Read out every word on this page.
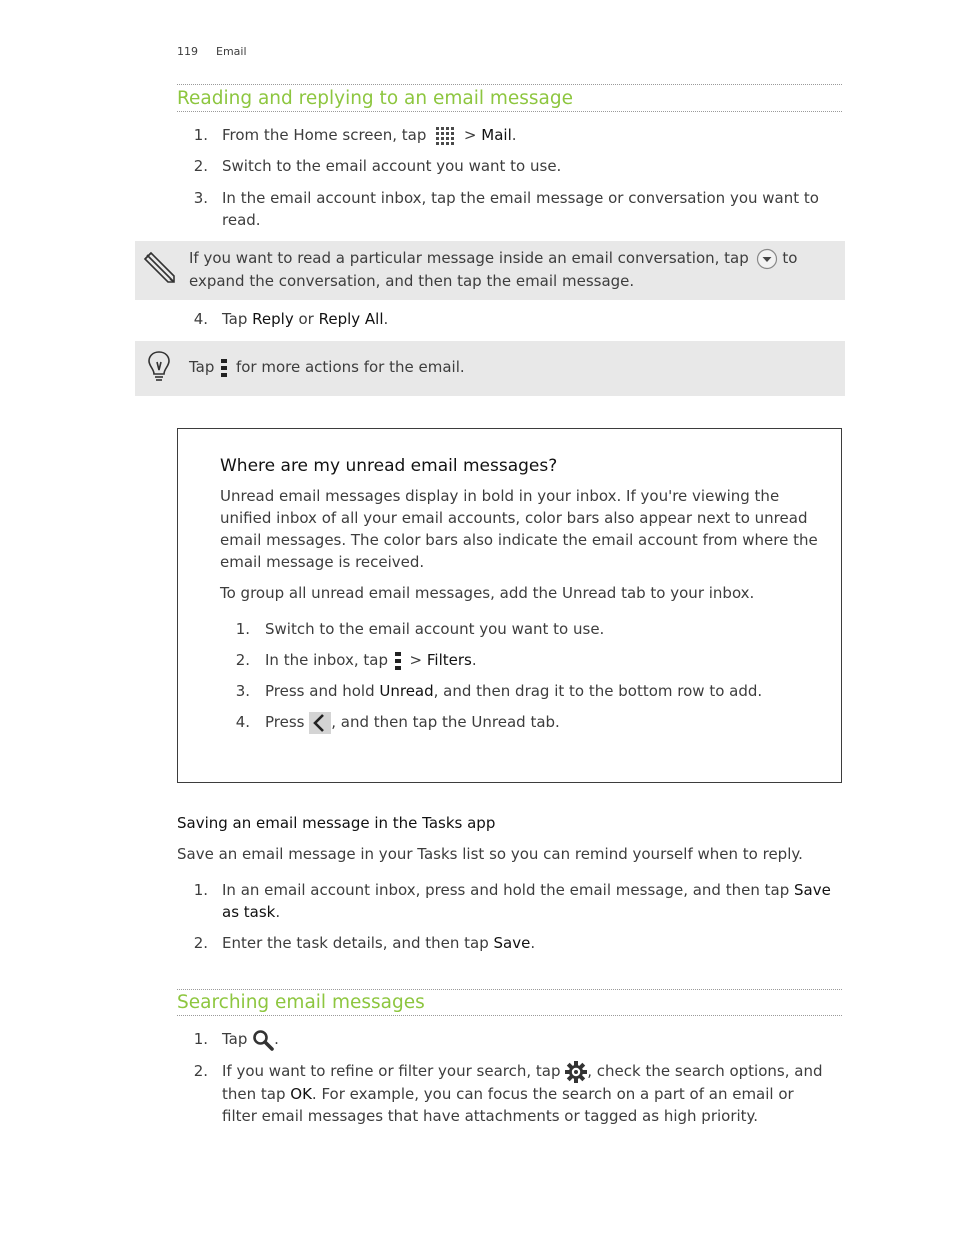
119 Email
Reading and replying to an email message
1. From the Home screen, tap
> Mail.
2. Switch to the email account you want to use.
3. In the email account inbox, tap the email message or conversation you want to
read.
If you want to read a particular message inside an email conversation, tap
to
expand the conversation, and then tap the email message.
4. Tap Reply or Reply All.
Tap
for more actions for the email.
Where are my unread email messages?
Unread email messages display in bold in your inbox. If you're viewing the
unified inbox of all your email accounts, color bars also appear next to unread
email messages. The color bars also indicate the email account from where the
email message is received.
To group all unread email messages, add the Unread tab to your inbox.
1. Switch to the email account you want to use.
2. In the inbox, tap
> Filters.
3. Press and hold Unread, and then drag it to the bottom row to add.
4. Press
, and then tap the Unread tab.
Saving an email message in the Tasks app
Save an email message in your Tasks list so you can remind yourself when to reply.
1. In an email account inbox, press and hold the email message, and then tap Save
as task.
2. Enter the task details, and then tap Save.
Searching email messages
1. Tap
.
2. If you want to refine or filter your search, tap
, check the search options, and
then tap OK. For example, you can focus the search on a part of an email or
filter email messages that have attachments or tagged as high priority.
